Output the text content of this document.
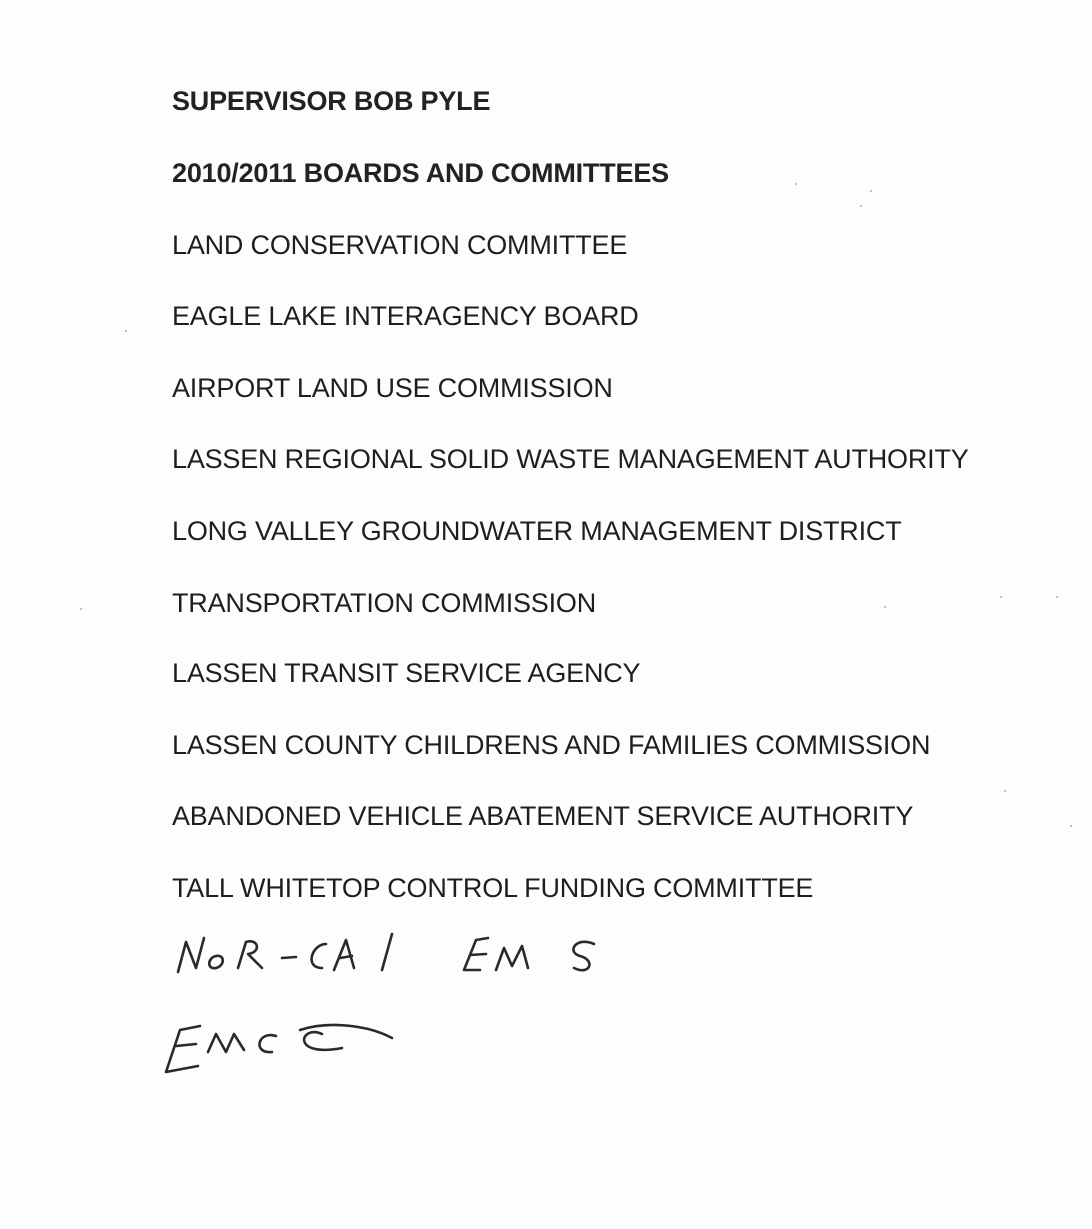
SUPERVISOR BOB PYLE
2010/2011 BOARDS AND COMMITTEES
LAND CONSERVATION COMMITTEE
EAGLE LAKE INTERAGENCY BOARD
AIRPORT LAND USE COMMISSION
LASSEN REGIONAL SOLID WASTE MANAGEMENT AUTHORITY
LONG VALLEY GROUNDWATER MANAGEMENT DISTRICT
TRANSPORTATION COMMISSION
LASSEN TRANSIT SERVICE AGENCY
LASSEN COUNTY CHILDRENS AND FAMILIES COMMISSION
ABANDONED VEHICLE ABATEMENT SERVICE AUTHORITY
TALL WHITETOP CONTROL FUNDING COMMITTEE
